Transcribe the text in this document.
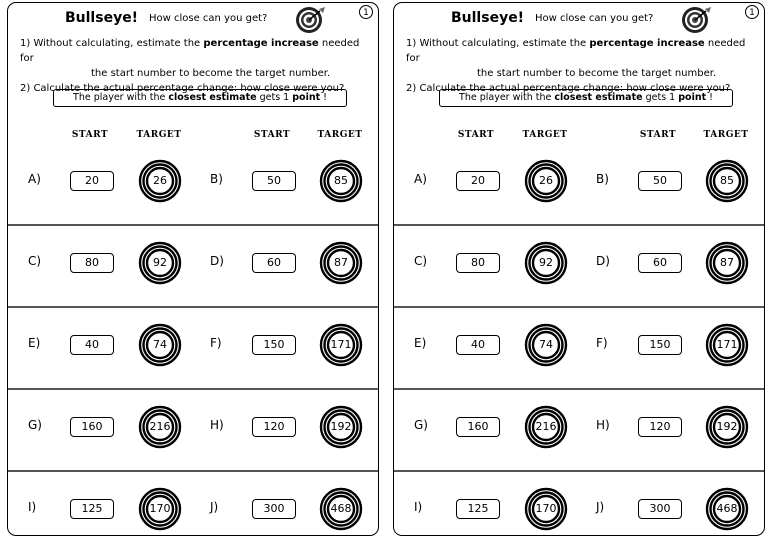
Bullseye! How close can you get?	1
1) Without calculating, estimate the percentage increase needed for
the start number to become the target number.
2) Calculate the actual percentage change: how close were you?
The player with the closest estimate gets 1 point !
START	TARGET	START	TARGET
A)	20	26	B)	50	85
C)	80	92	D)	60	87
E)	40	74	F)	150	171
G)	160	216	H)	120	192
I)	125	170	J)	300	468
Bullseye! How close can you get?	1
1) Without calculating, estimate the percentage increase needed for
the start number to become the target number.
2) Calculate the actual percentage change: how close were you?
The player with the closest estimate gets 1 point !
START	TARGET	START	TARGET
A)	20	26	B)	50	85
C)	80	92	D)	60	87
E)	40	74	F)	150	171
G)	160	216	H)	120	192
I)	125	170	J)	300	468
